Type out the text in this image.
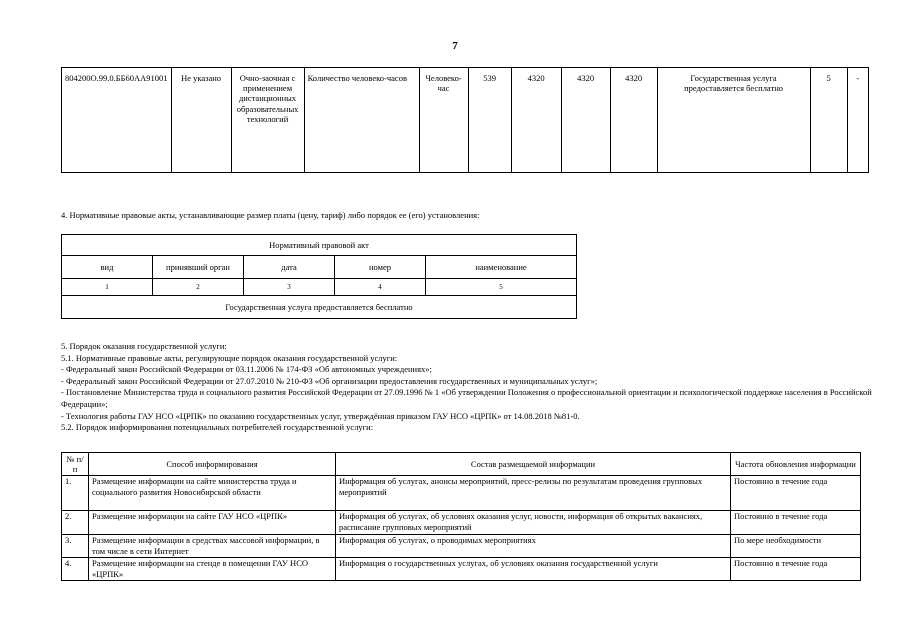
7
804200О.99.0.ББ60АА91001	Не указано	Очно-заочная с применением дистанционных образовательных технологий	Количество человеко-часов	Человеко-час	539	4320	4320	4320	Государственная услуга предоставляется бесплатно	5	-
4. Нормативные правовые акты, устанавливающие размер платы (цену, тариф) либо порядок ее (его) установления:
Нормативный правовой акт				
вид	принявший орган	дата	номер	наименование
1	2	3	4	5
Государственная услуга предоставляется бесплатно				
5. Порядок оказания государственной услуги:
5.1. Нормативные правовые акты, регулирующие порядок оказания государственной услуги:
- Федеральный закон Российской Федерации от 03.11.2006 № 174-ФЗ «Об автономных учреждениях»;
- Федеральный закон Российской Федерации от 27.07.2010 № 210-ФЗ «Об организации предоставления государственных и муниципальных услуг»;
- Постановление Министерства труда и социального развития Российской Федерации от 27.09.1996 № 1 «Об утверждении Положения о профессиональной ориентации и психологической поддержке населения в Российской Федерации»;
- Технология работы ГАУ НСО «ЦРПК» по оказанию государственных услуг, утверждённая приказом ГАУ НСО «ЦРПК» от 14.08.2018 №81-0.
5.2. Порядок информирования потенциальных потребителей государственной услуги:
№ п/п	Способ информирования	Состав размещаемой информации	Частота обновления информации
1.	Размещение информации на сайте министерства труда и социального развития Новосибирской области	Информация об услугах, анонсы мероприятий, пресс-релизы по результатам проведения групповых мероприятий	Постоянно в течение года
2.	Размещение информации на сайте ГАУ НСО «ЦРПК»	Информация об услугах, об условиях оказания услуг, новости, информация об открытых вакансиях, расписание групповых мероприятий	Постоянно в течение года
3.	Размещение информации в средствах массовой информации, в том числе в сети Интернет	Информация об услугах, о проводимых мероприятиях	По мере необходимости
4.	Размещение информации на стенде в помещении ГАУ НСО «ЦРПК»	Информация о государственных услугах, об условиях оказания государственной услуги	Постоянно в течение года
